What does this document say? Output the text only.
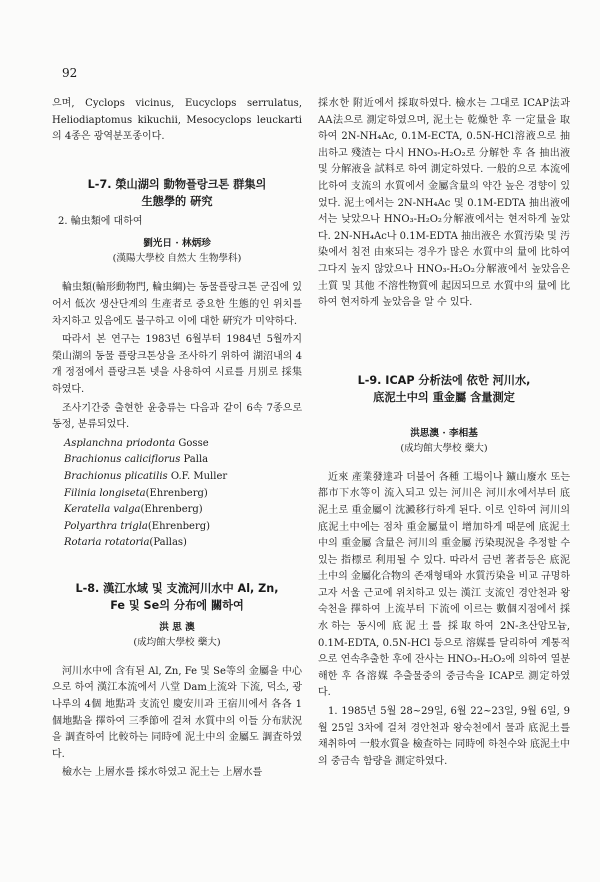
92

으며, Cyclops vicinus, Eucyclops serrulatus, Heliodiaptomus kikuchii, Mesocyclops leuckarti의 4종은 광역분포종이다.

L-7. 榮山湖의 動物플랑크톤 群集의

生態學的 硏究

2. 輪虫類에 대하여

劉光日 · 林炳珍

(漢陽大學校 自然大 生物學科)

輪虫類(輪形動物門, 輪虫綱)는 동물플랑크톤 군집에 있어서 低次 생산단계의 生產者로 중요한 生態的인 위치를 차지하고 있음에도 불구하고 이에 대한 硏究가 미약하다.

따라서 본 연구는 1983년 6월부터 1984년 5월까지 榮山湖의 동물 플랑크톤상을 조사하기 위하여 湖沼내의 4개 정점에서 플랑크톤 넷을 사용하여 시료를 月別로 採集하였다.

조사기간중 출현한 윤충류는 다음과 같이 6속 7종으로 동정, 분류되었다.

Asplanchna priodonta Gosse
Brachionus caliciflorus Palla
Brachionus plicatilis O.F. Muller
Filinia longiseta(Ehrenberg)
Keratella valga(Ehrenberg)
Polyarthra trigla(Ehrenberg)
Rotaria rotatoria(Pallas)

L-8. 漢江水域 및 支流河川水中 Al, Zn,

Fe 및 Se의 分布에 關하여

洪 思 澳

(成均館大學校 藥大)

河川水中에 含有된 Al, Zn, Fe 및 Se等의 金屬을 中心으로 하여 漢江本流에서 八堂 Dam上流와 下流, 덕소, 광나루의 4個 地點과 支流인 慶安川과 王宿川에서 各各 1個地點을 擇하여 三季節에 걸쳐 水質中의 이들 分布狀況을 調査하여 比較하는 同時에 泥土中의 金屬도 調査하였다.

檢水는 上層水를 採水하였고 泥土는 上層水를

採水한 附近에서 採取하였다. 檢水는 그대로 ICAP法과 AA法으로 測定하였으며, 泥土는 乾燥한 후 一定量을 取하여 2N-NH₄Ac, 0.1M-ECTA, 0.5N-HCl溶液으로 抽出하고 殘渣는 다시 HNO₃-H₂O₂로 分解한 후 各 抽出液 및 分解液을 試料로 하여 測定하였다. 一般的으로 本流에 比하여 支流의 水質에서 金屬含量의 약간 높은 경향이 있었다. 泥土에서는 2N-NH₄Ac 및 0.1M-EDTA 抽出液에서는 낮았으나 HNO₃-H₂O₂分解液에서는 현저하게 높았다. 2N-NH₄Ac나 0.1M-EDTA 抽出液은 水質汚染 및 汚染에서 침전 由來되는 경우가 많은 水質中의 量에 比하여 그다지 높지 않았으나 HNO₃-H₂O₂分解液에서 높았음은 土質 및 其他 不溶性物質에 起因되므로 水質中의 量에 比하여 현저하게 높았음을 알 수 있다.

L-9. ICAP 分析法에 依한 河川水,

底泥土中의 重金屬 含量測定

洪思澳 · 李相基

(成均館大學校 藥大)

近來 產業發達과 더불어 各種 工場이나 鑛山廢水 또는 都市下水等이 流入되고 있는 河川은 河川水에서부터 底泥土로 重金屬이 沈澱移行하게 된다. 이로 인하여 河川의 底泥土中에는 점차 重金屬量이 增加하게 때문에 底泥土中의 重金屬 含量은 河川의 重金屬 汚染現況을 추정할 수 있는 指標로 利用될 수 있다. 따라서 금번 著者등은 底泥土中의 金屬化合物의 존재형태와 水質汚染을 비교 규명하고자 서울 근교에 위치하고 있는 漢江 支流인 경안천과 왕숙천을 擇하여 上流부터 下流에 이르는 數個지점에서 採水하는 동시에 底泥土를 採取하여 2N-초산암모늄, 0.1M-EDTA, 0.5N-HCl 등으로 溶媒를 달리하여 계통적으로 연속추출한 후에 잔사는 HNO₃-H₂O₂에 의하여 열분해한 후 各溶媒 추출물중의 중금속을 ICAP로 測定하였다.

1. 1985년 5월 28~29일, 6월 22~23일, 9월 6일, 9월 25일 3차에 걸쳐 경안천과 왕숙천에서 물과 底泥土를 채취하여 一般水質을 檢查하는 同時에 하천수와 底泥土中의 중금속 함량을 測定하였다.
